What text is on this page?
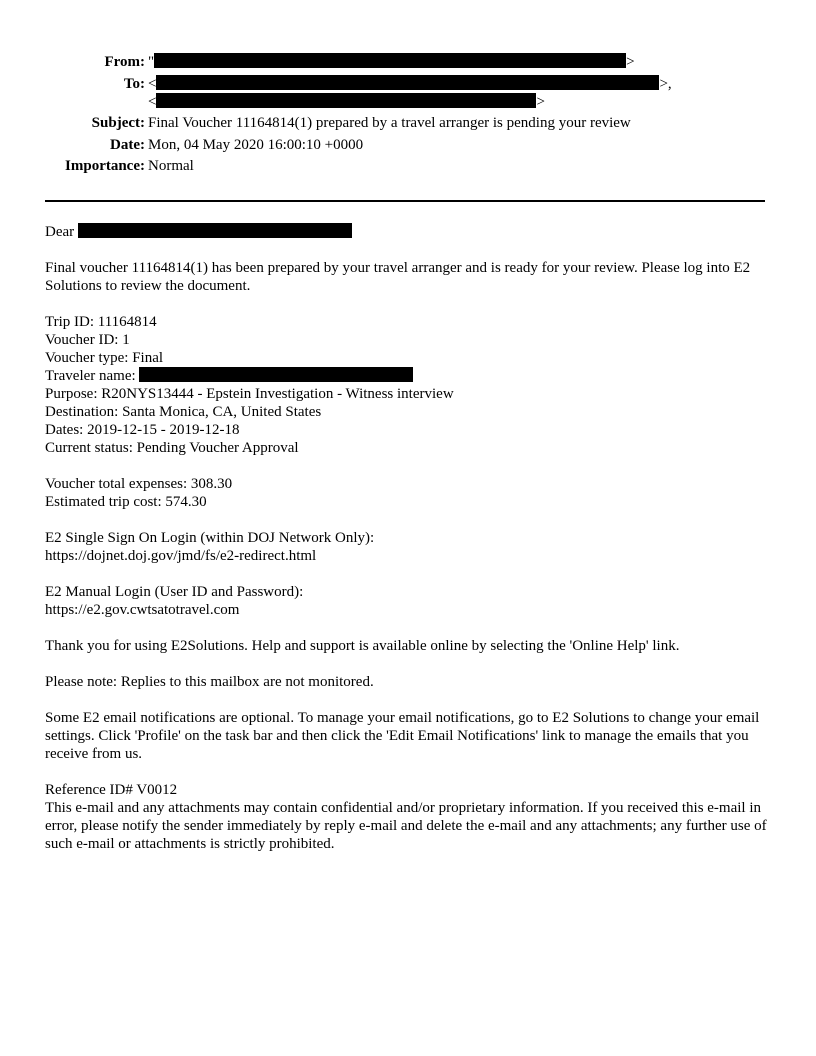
From: "	>
To: <	>,
<	>
Subject: Final Voucher 11164814(1) prepared by a travel arranger is pending your review
Date: Mon, 04 May 2020 16:00:10 +0000
Importance: Normal

Dear

Final voucher 11164814(1) has been prepared by your travel arranger and is ready for your review. Please log into E2 Solutions to review the document.

Trip ID: 11164814

Voucher ID: 1

Voucher type: Final

Traveler name:

Purpose: R20NYS13444 - Epstein Investigation - Witness interview

Destination: Santa Monica, CA, United States

Dates: 2019-12-15 - 2019-12-18

Current status: Pending Voucher Approval

Voucher total expenses: 308.30

Estimated trip cost: 574.30

E2 Single Sign On Login (within DOJ Network Only):

https://dojnet.doj.gov/jmd/fs/e2-redirect.html

E2 Manual Login (User ID and Password):

https://e2.gov.cwtsatotravel.com

Thank you for using E2Solutions. Help and support is available online by selecting the 'Online Help' link.

Please note: Replies to this mailbox are not monitored.

Some E2 email notifications are optional. To manage your email notifications, go to E2 Solutions to change your email settings. Click 'Profile' on the task bar and then click the 'Edit Email Notifications' link to manage the emails that you receive from us.

Reference ID# V0012

This e-mail and any attachments may contain confidential and/or proprietary information. If you received this e-mail in error, please notify the sender immediately by reply e-mail and delete the e-mail and any attachments; any further use of such e-mail or attachments is strictly prohibited.
